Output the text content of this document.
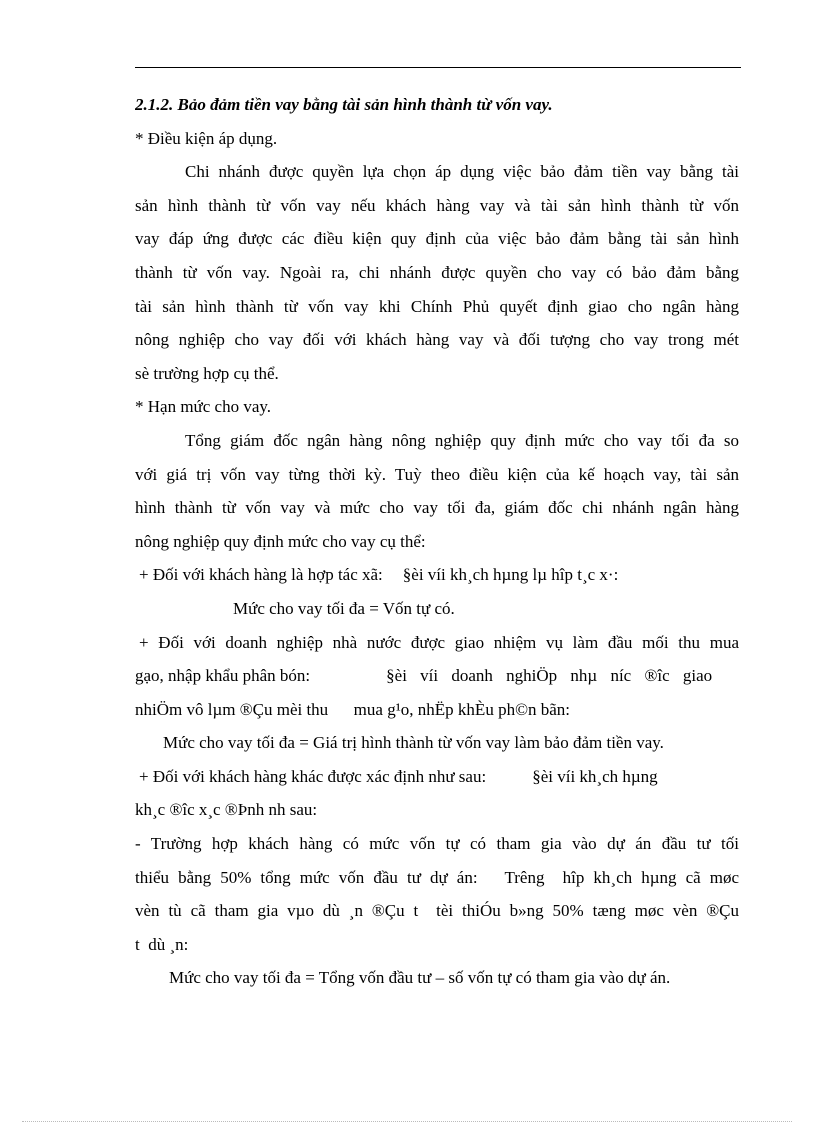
2.1.2. Bảo đảm tiền vay bằng tài sản hình thành từ vốn vay.
* Điều kiện áp dụng.
Chi nhánh được quyền lựa chọn áp dụng việc bảo đảm tiền vay bằng tài
sản hình thành từ vốn vay nếu khách hàng vay và tài sản hình thành từ vốn
vay đáp ứng được các điều kiện quy định của việc bảo đảm bằng tài sản hình
thành từ vốn vay. Ngoài ra, chi nhánh được quyền cho vay có bảo đảm bằng
tài sản hình thành từ vốn vay khi Chính Phủ quyết định giao cho ngân hàng
nông nghiệp cho vay đối với khách hàng vay và đối tượng cho vay trong mét
sè trường hợp cụ thể.
* Hạn mức cho vay.
Tổng giám đốc ngân hàng nông nghiệp quy định mức cho vay tối đa so
với giá trị vốn vay từng thời kỳ. Tuỳ theo điều kiện của kế hoạch vay, tài sản
hình thành từ vốn vay và mức cho vay tối đa, giám đốc chi nhánh ngân hàng
nông nghiệp quy định mức cho vay cụ thể:
+ Đối với khách hàng là hợp tác xã: §èi víi kh¸ch hµng lµ hîp t¸c x·:
Mức cho vay tối đa = Vốn tự có.
+ Đối với doanh nghiệp nhà nước được giao nhiệm vụ làm đầu mối thu mua
gạo, nhập khẩu phân bón:	§èi víi doanh nghiÖp nhµ níc ®îc giao
nhiÖm vô lµm ®Çu mèi thu      mua g¹o, nhËp khÈu ph©n bãn:
Mức cho vay tối đa = Giá trị hình thành từ vốn vay làm bảo đảm tiền vay.
+ Đối với khách hàng khác được xác định như sau:	§èi víi kh¸ch hµng
kh¸c ®îc x¸c ®Þnh nh sau:
- Trường hợp khách hàng có mức vốn tự có tham gia vào dự án đầu tư tối
thiểu bằng 50% tổng mức vốn đầu tư dự án:   Trêng  hîp kh¸ch hµng cã møc
vèn tù cã tham gia vµo dù ¸n ®Çu t  tèi thiÓu b»ng 50% tæng møc vèn ®Çu
t  dù ¸n:
Mức cho vay tối đa = Tổng vốn đầu tư – số vốn tự có tham gia vào dự án.
